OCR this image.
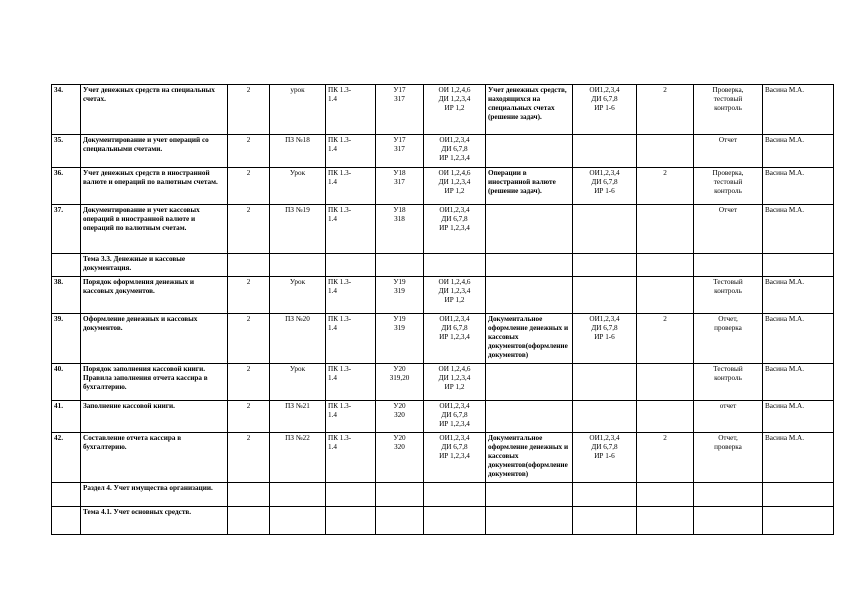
34.	Учет денежных средств на специальных счетах.	2	урок	ПК 1.3-
1.4	У17
З17	ОИ 1,2,4,6
ДИ 1,2,3,4
ИР 1,2	Учет денежных средств, находящихся на специальных счетах (решение задач).	ОИ1,2,3,4
ДИ 6,7,8
ИР 1-6	2	Проверка,
тестовый
контроль	Васина М.А.
35.	Документирование и учет операций со специальными счетами.	2	ПЗ №18	ПК 1.3-
1.4	У17
З17	ОИ1,2,3,4
ДИ 6,7,8
ИР 1,2,3,4				Отчет	Васина М.А.
36.	Учет денежных средств в иностранной валюте и операций по валютным счетам.	2	Урок	ПК 1.3-
1.4	У18
З17	ОИ 1,2,4,6
ДИ 1,2,3,4
ИР 1,2	Операции в иностранной валюте (решение задач).	ОИ1,2,3,4
ДИ 6,7,8
ИР 1-6	2	Проверка,
тестовый
контроль	Васина М.А.
37.	Документирование и учет кассовых операций в иностранной валюте и операций по валютным счетам.	2	ПЗ №19	ПК 1.3-
1.4	У18
З18	ОИ1,2,3,4
ДИ 6,7,8
ИР 1,2,3,4				Отчет	Васина М.А.
	Тема 3.3. Денежные и кассовые документация.										
38.	Порядок оформления денежных и кассовых документов.	2	Урок	ПК 1.3-
1.4	У19
З19	ОИ 1,2,4,6
ДИ 1,2,3,4
ИР 1,2				Тестовый
контроль	Васина М.А.
39.	Оформление денежных и кассовых документов.	2	ПЗ №20	ПК 1.3-
1.4	У19
З19	ОИ1,2,3,4
ДИ 6,7,8
ИР 1,2,3,4	Документальное оформление денежных и кассовых документов(оформление документов)	ОИ1,2,3,4
ДИ 6,7,8
ИР 1-6	2	Отчет,
проверка	Васина М.А.
40.	Порядок заполнения кассовой книги. Правила заполнения отчета кассира в бухгалтерию.	2	Урок	ПК 1.3-
1.4	У20
З19,20	ОИ 1,2,4,6
ДИ 1,2,3,4
ИР 1,2				Тестовый
контроль	Васина М.А.
41.	Заполнение кассовой книги.	2	ПЗ №21	ПК 1.3-
1.4	У20
З20	ОИ1,2,3,4
ДИ 6,7,8
ИР 1,2,3,4				отчет	Васина М.А.
42.	Составление отчета кассира в бухгалтерию.	2	ПЗ №22	ПК 1.3-
1.4	У20
З20	ОИ1,2,3,4
ДИ 6,7,8
ИР 1,2,3,4	Документальное оформление денежных и кассовых документов(оформление документов)	ОИ1,2,3,4
ДИ 6,7,8
ИР 1-6	2	Отчет,
проверка	Васина М.А.
	Раздел 4. Учет имущества организации.										
	Тема 4.1. Учет основных средств.										
